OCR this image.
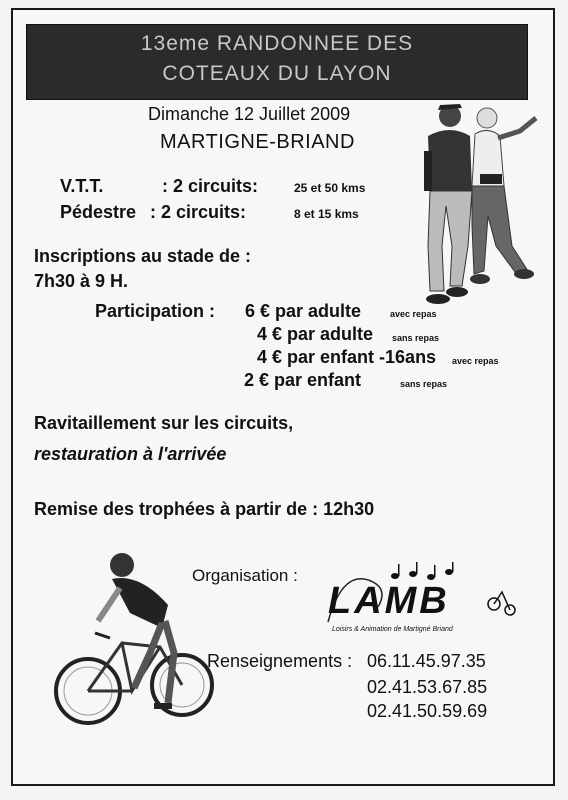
13eme RANDONNEE DES
COTEAUX DU LAYON
Dimanche 12 Juillet 2009
MARTIGNE-BRIAND
V.T.T.	: 2 circuits:	25 et 50 kms
Pédestre : 2 circuits:	8 et 15 kms
Inscriptions au stade de :
7h30 à 9 H.
Participation : 6 € par adulte	avec repas
4 € par adulte sans repas
4 € par enfant -16ans avec repas
2 € par enfant	sans repas
Ravitaillement sur les circuits,
restauration à l'arrivée
Remise des trophées à partir de : 12h30
Organisation :
LAMB
Loisirs & Animation de Martigné Briand
Renseignements : 06.11.45.97.35
02.41.53.67.85
02.41.50.59.69
